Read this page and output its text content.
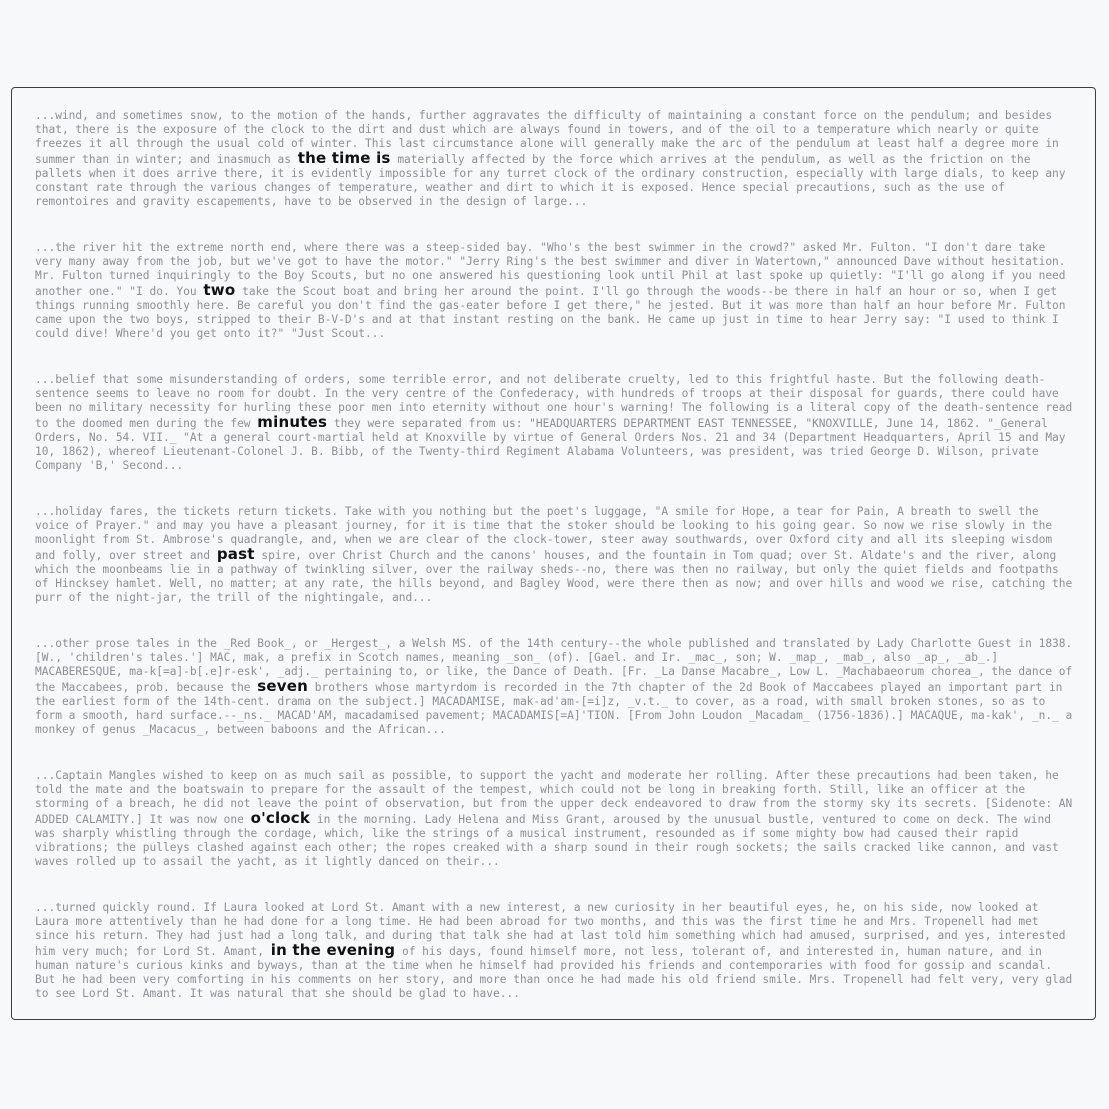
...wind, and sometimes snow, to the motion of the hands, further aggravates the difficulty of maintaining a constant force on the pendulum; and besides that, there is the exposure of the clock to the dirt and dust which are always found in towers, and of the oil to a temperature which nearly or quite freezes it all through the usual cold of winter. This last circumstance alone will generally make the arc of the pendulum at least half a degree more in summer than in winter; and inasmuch as the time is materially affected by the force which arrives at the pendulum, as well as the friction on the pallets when it does arrive there, it is evidently impossible for any turret clock of the ordinary construction, especially with large dials, to keep any constant rate through the various changes of temperature, weather and dirt to which it is exposed. Hence special precautions, such as the use of remontoires and gravity escapements, have to be observed in the design of large...

...the river hit the extreme north end, where there was a steep-sided bay. "Who's the best swimmer in the crowd?" asked Mr. Fulton. "I don't dare take very many away from the job, but we've got to have the motor." "Jerry Ring's the best swimmer and diver in Watertown," announced Dave without hesitation. Mr. Fulton turned inquiringly to the Boy Scouts, but no one answered his questioning look until Phil at last spoke up quietly: "I'll go along if you need another one." "I do. You two take the Scout boat and bring her around the point. I'll go through the woods--be there in half an hour or so, when I get things running smoothly here. Be careful you don't find the gas-eater before I get there," he jested. But it was more than half an hour before Mr. Fulton came upon the two boys, stripped to their B-V-D's and at that instant resting on the bank. He came up just in time to hear Jerry say: "I used to think I could dive! Where'd you get onto it?" "Just Scout...

...belief that some misunderstanding of orders, some terrible error, and not deliberate cruelty, led to this frightful haste. But the following death-sentence seems to leave no room for doubt. In the very centre of the Confederacy, with hundreds of troops at their disposal for guards, there could have been no military necessity for hurling these poor men into eternity without one hour's warning! The following is a literal copy of the death-sentence read to the doomed men during the few minutes they were separated from us: "HEADQUARTERS DEPARTMENT EAST TENNESSEE, "KNOXVILLE, June 14, 1862. "_General Orders, No. 54. VII._ "At a general court-martial held at Knoxville by virtue of General Orders Nos. 21 and 34 (Department Headquarters, April 15 and May 10, 1862), whereof Lieutenant-Colonel J. B. Bibb, of the Twenty-third Regiment Alabama Volunteers, was president, was tried George D. Wilson, private Company 'B,' Second...

...holiday fares, the tickets return tickets. Take with you nothing but the poet's luggage, "A smile for Hope, a tear for Pain, A breath to swell the voice of Prayer." and may you have a pleasant journey, for it is time that the stoker should be looking to his going gear. So now we rise slowly in the moonlight from St. Ambrose's quadrangle, and, when we are clear of the clock-tower, steer away southwards, over Oxford city and all its sleeping wisdom and folly, over street and past spire, over Christ Church and the canons' houses, and the fountain in Tom quad; over St. Aldate's and the river, along which the moonbeams lie in a pathway of twinkling silver, over the railway sheds--no, there was then no railway, but only the quiet fields and footpaths of Hincksey hamlet. Well, no matter; at any rate, the hills beyond, and Bagley Wood, were there then as now; and over hills and wood we rise, catching the purr of the night-jar, the trill of the nightingale, and...

...other prose tales in the _Red Book_, or _Hergest_, a Welsh MS. of the 14th century--the whole published and translated by Lady Charlotte Guest in 1838. [W., 'children's tales.'] MAC, mak, a prefix in Scotch names, meaning _son_ (of). [Gael. and Ir. _mac_, son; W. _map_, _mab_, also _ap_, _ab_.] MACABERESQUE, ma-k[=a]-b[.e]r-esk', _adj._ pertaining to, or like, the Dance of Death. [Fr. _La Danse Macabre_, Low L. _Machabaeorum chorea_, the dance of the Maccabees, prob. because the seven brothers whose martyrdom is recorded in the 7th chapter of the 2d Book of Maccabees played an important part in the earliest form of the 14th-cent. drama on the subject.] MACADAMISE, mak-ad'am-[=i]z, _v.t._ to cover, as a road, with small broken stones, so as to form a smooth, hard surface.--_ns._ MACAD'AM, macadamised pavement; MACADAMIS[=A]'TION. [From John Loudon _Macadam_ (1756-1836).] MACAQUE, ma-kak', _n._ a monkey of genus _Macacus_, between baboons and the African...

...Captain Mangles wished to keep on as much sail as possible, to support the yacht and moderate her rolling. After these precautions had been taken, he told the mate and the boatswain to prepare for the assault of the tempest, which could not be long in breaking forth. Still, like an officer at the storming of a breach, he did not leave the point of observation, but from the upper deck endeavored to draw from the stormy sky its secrets. [Sidenote: AN ADDED CALAMITY.] It was now one o'clock in the morning. Lady Helena and Miss Grant, aroused by the unusual bustle, ventured to come on deck. The wind was sharply whistling through the cordage, which, like the strings of a musical instrument, resounded as if some mighty bow had caused their rapid vibrations; the pulleys clashed against each other; the ropes creaked with a sharp sound in their rough sockets; the sails cracked like cannon, and vast waves rolled up to assail the yacht, as it lightly danced on their...

...turned quickly round. If Laura looked at Lord St. Amant with a new interest, a new curiosity in her beautiful eyes, he, on his side, now looked at Laura more attentively than he had done for a long time. He had been abroad for two months, and this was the first time he and Mrs. Tropenell had met since his return. They had just had a long talk, and during that talk she had at last told him something which had amused, surprised, and yes, interested him very much; for Lord St. Amant, in the evening of his days, found himself more, not less, tolerant of, and interested in, human nature, and in human nature's curious kinks and byways, than at the time when he himself had provided his friends and contemporaries with food for gossip and scandal. But he had been very comforting in his comments on her story, and more than once he had made his old friend smile. Mrs. Tropenell had felt very, very glad to see Lord St. Amant. It was natural that she should be glad to have...
